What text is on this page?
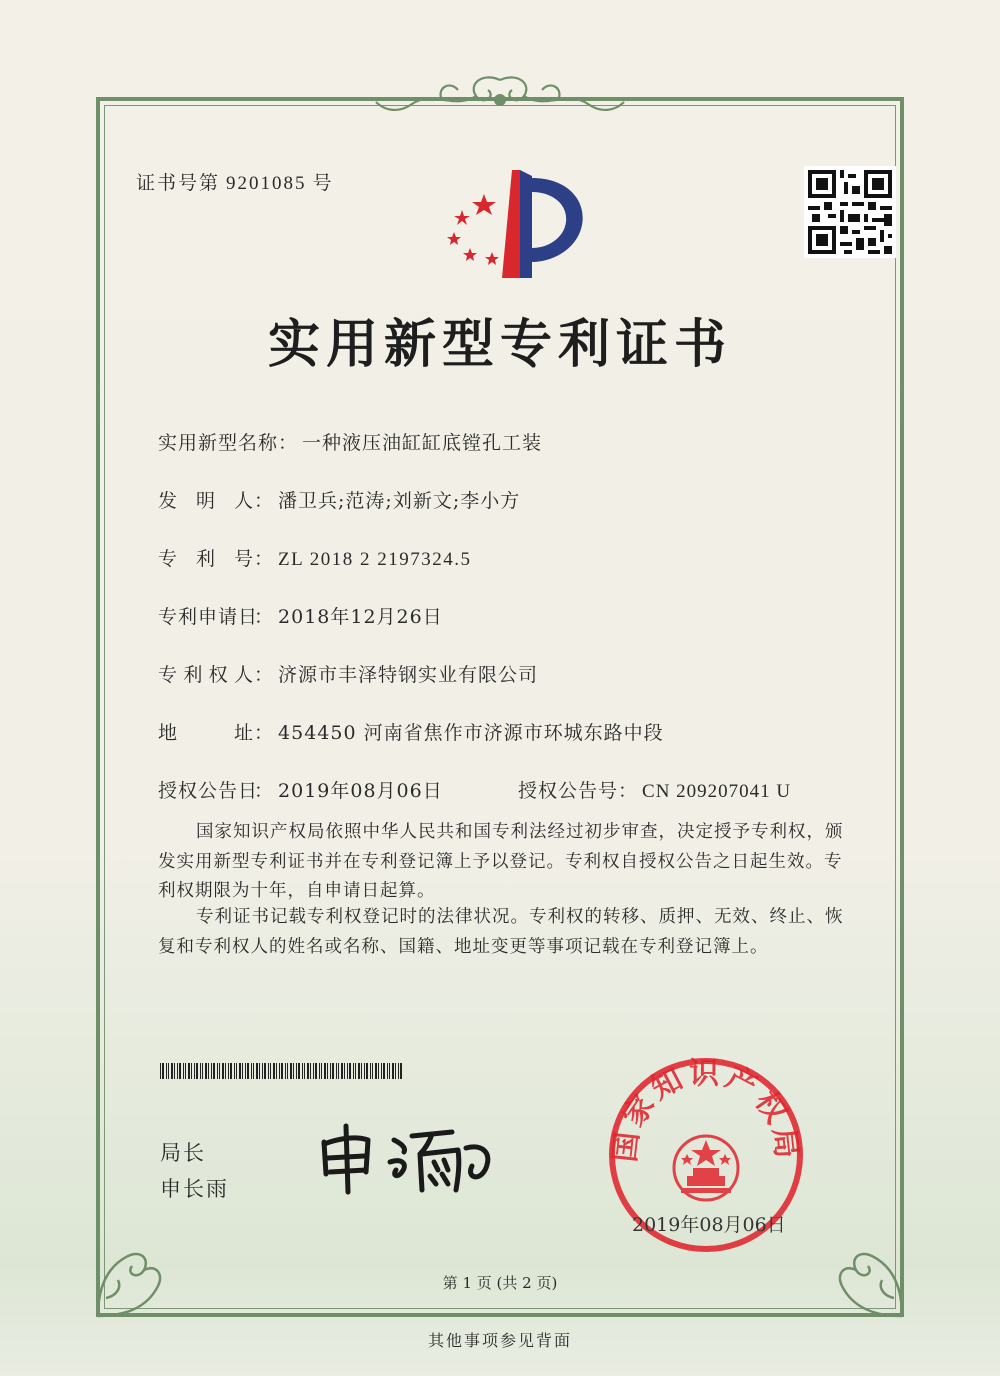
证书号第 9201085 号
实用新型专利证书
实用新型名称： 一种液压油缸缸底镗孔工装
发明人： 潘卫兵;范涛;刘新文;李小方
专利号： ZL 2018 2 2197324.5
专利申请日： 2018年12月26日
专利权人： 济源市丰泽特钢实业有限公司
地址： 454450 河南省焦作市济源市环城东路中段
授权公告日： 2019年08月06日	授权公告号： CN 209207041 U
国家知识产权局依照中华人民共和国专利法经过初步审查，决定授予专利权，颁发实用新型专利证书并在专利登记簿上予以登记。专利权自授权公告之日起生效。专利权期限为十年，自申请日起算。
专利证书记载专利权登记时的法律状况。专利权的转移、质押、无效、终止、恢复和专利权人的姓名或名称、国籍、地址变更等事项记载在专利登记簿上。
局长
申长雨
国家知识产权局
2019年08月06日
第 1 页 (共 2 页)
其他事项参见背面
